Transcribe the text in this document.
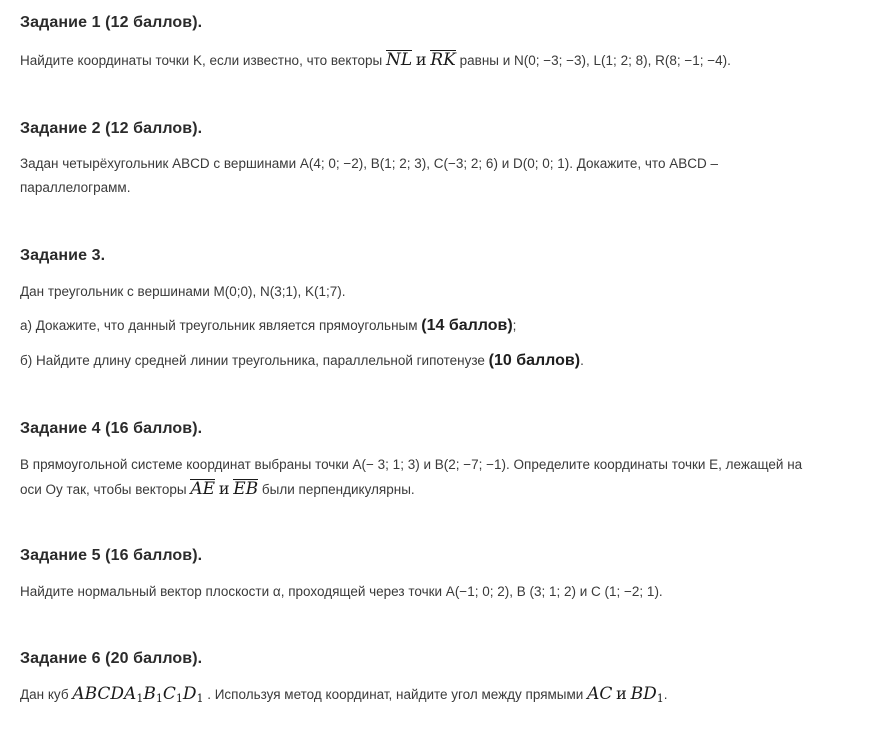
Задание 1 (12 баллов).
Найдите координаты точки K, если известно, что векторы NL и RK равны и N(0; −3; −3), L(1; 2; 8), R(8; −1; −4).
Задание 2 (12 баллов).
Задан четырёхугольник ABCD с вершинами A(4; 0; −2), B(1; 2; 3), C(−3; 2; 6) и D(0; 0; 1). Докажите, что ABCD –
параллелограмм.
Задание 3.
Дан треугольник с вершинами M(0;0), N(3;1), K(1;7).
а) Докажите, что данный треугольник является прямоугольным (14 баллов);
б) Найдите длину средней линии треугольника, параллельной гипотенузе (10 баллов).
Задание 4 (16 баллов).
В прямоугольной системе координат выбраны точки A(− 3; 1; 3) и B(2; −7; −1). Определите координаты точки E, лежащей на
оси Oy так, чтобы векторы AE и EB были перпендикулярны.
Задание 5 (16 баллов).
Найдите нормальный вектор плоскости α, проходящей через точки A(−1; 0; 2), B (3; 1; 2) и C (1; −2; 1).
Задание 6 (20 баллов).
Дан куб $ABCDA_1B_1C_1D_1$ . Используя метод координат, найдите угол между прямыми AC и $BD_1$.
